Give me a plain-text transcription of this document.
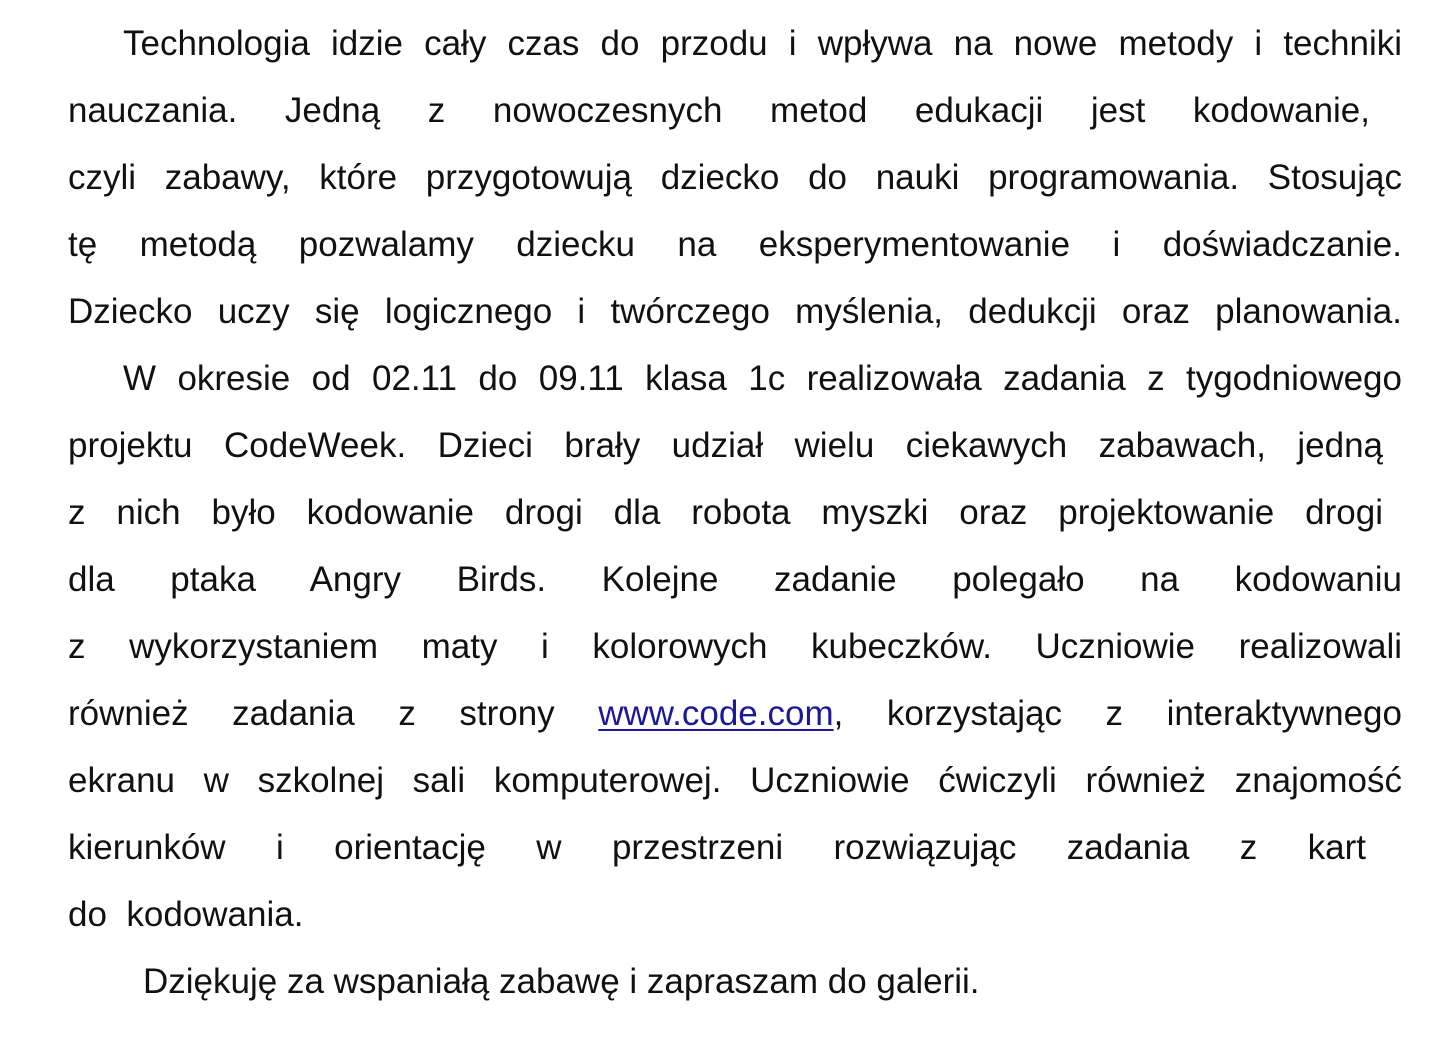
Technologia idzie cały czas do przodu i wpływa na nowe metody i techniki
nauczania. Jedną z nowoczesnych metod edukacji jest kodowanie,
czyli zabawy, które przygotowują dziecko do nauki programowania. Stosując
tę metodą pozwalamy dziecku na eksperymentowanie i doświadczanie.
Dziecko uczy się logicznego i twórczego myślenia, dedukcji oraz planowania.
W okresie od 02.11 do 09.11 klasa 1c realizowała zadania z tygodniowego
projektu CodeWeek. Dzieci brały udział wielu ciekawych zabawach, jedną
z nich było kodowanie drogi dla robota myszki oraz projektowanie drogi
dla ptaka Angry Birds. Kolejne zadanie polegało na kodowaniu
z wykorzystaniem maty i kolorowych kubeczków. Uczniowie realizowali
również zadania z strony www.code.com, korzystając z interaktywnego
ekranu w szkolnej sali komputerowej. Uczniowie ćwiczyli również znajomość
kierunków i orientację w przestrzeni rozwiązując zadania z kart
do  kodowania.
Dziękuję za wspaniałą zabawę i zapraszam do galerii.
